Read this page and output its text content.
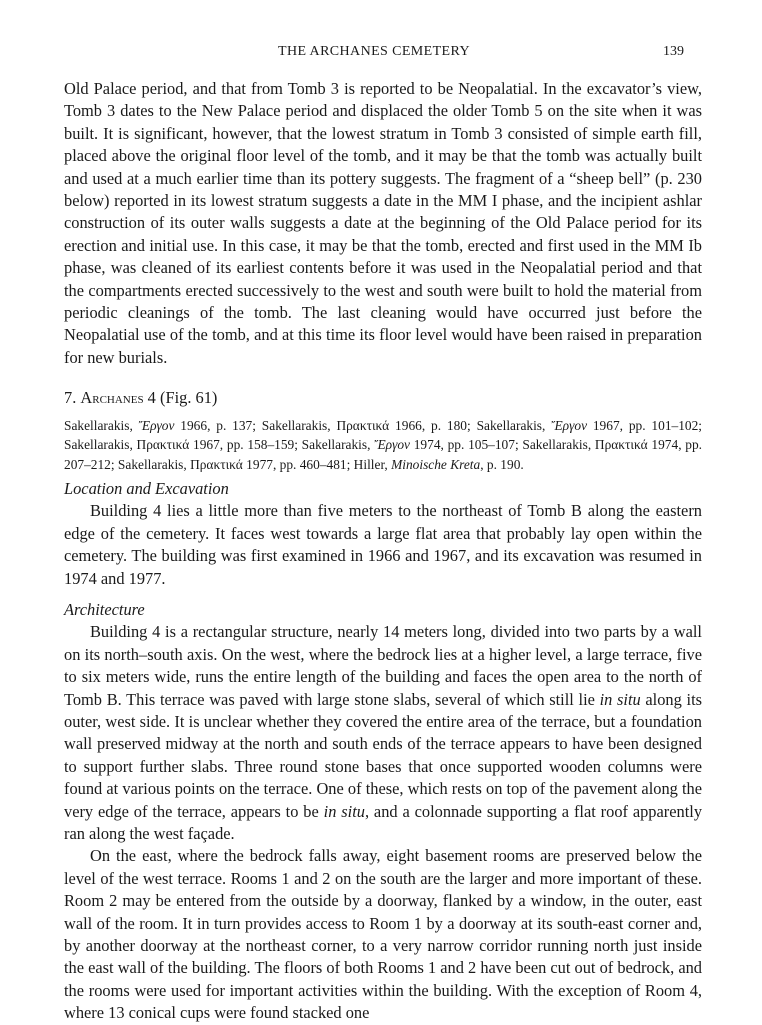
THE ARCHANES CEMETERY	139

Old Palace period, and that from Tomb 3 is reported to be Neopalatial. In the excavator’s view, Tomb 3 dates to the New Palace period and displaced the older Tomb 5 on the site when it was built. It is significant, however, that the lowest stratum in Tomb 3 consisted of simple earth fill, placed above the original floor level of the tomb, and it may be that the tomb was actually built and used at a much earlier time than its pottery suggests. The fragment of a “sheep bell” (p. 230 below) reported in its lowest stratum suggests a date in the MM I phase, and the incipient ashlar construction of its outer walls suggests a date at the beginning of the Old Palace period for its erection and initial use. In this case, it may be that the tomb, erected and first used in the MM Ib phase, was cleaned of its earliest contents before it was used in the Neopalatial period and that the compartments erected successively to the west and south were built to hold the material from periodic cleanings of the tomb. The last cleaning would have occurred just before the Neopalatial use of the tomb, and at this time its floor level would have been raised in preparation for new burials.

7. Archanes 4 (Fig. 61)

Sakellarakis, Ἔργον 1966, p. 137; Sakellarakis, Πρακτικά 1966, p. 180; Sakellarakis, Ἔργον 1967, pp. 101–102; Sakellarakis, Πρακτικά 1967, pp. 158–159; Sakellarakis, Ἔργον 1974, pp. 105–107; Sakellarakis, Πρακτικά 1974, pp. 207–212; Sakellarakis, Πρακτικά 1977, pp. 460–481; Hiller, Minoische Kreta, p. 190.

Location and Excavation

Building 4 lies a little more than five meters to the northeast of Tomb B along the eastern edge of the cemetery. It faces west towards a large flat area that probably lay open within the cemetery. The building was first examined in 1966 and 1967, and its excavation was resumed in 1974 and 1977.

Architecture

Building 4 is a rectangular structure, nearly 14 meters long, divided into two parts by a wall on its north–south axis. On the west, where the bedrock lies at a higher level, a large terrace, five to six meters wide, runs the entire length of the building and faces the open area to the north of Tomb B. This terrace was paved with large stone slabs, several of which still lie in situ along its outer, west side. It is unclear whether they covered the entire area of the terrace, but a foundation wall preserved midway at the north and south ends of the terrace appears to have been designed to support further slabs. Three round stone bases that once supported wooden columns were found at various points on the terrace. One of these, which rests on top of the pavement along the very edge of the terrace, appears to be in situ, and a colonnade supporting a flat roof apparently ran along the west façade.

On the east, where the bedrock falls away, eight basement rooms are preserved below the level of the west terrace. Rooms 1 and 2 on the south are the larger and more important of these. Room 2 may be entered from the outside by a doorway, flanked by a window, in the outer, east wall of the room. It in turn provides access to Room 1 by a doorway at its south-east corner and, by another doorway at the northeast corner, to a very narrow corridor running north just inside the east wall of the building. The floors of both Rooms 1 and 2 have been cut out of bedrock, and the rooms were used for important activities within the building. With the exception of Room 4, where 13 conical cups were found stacked one
